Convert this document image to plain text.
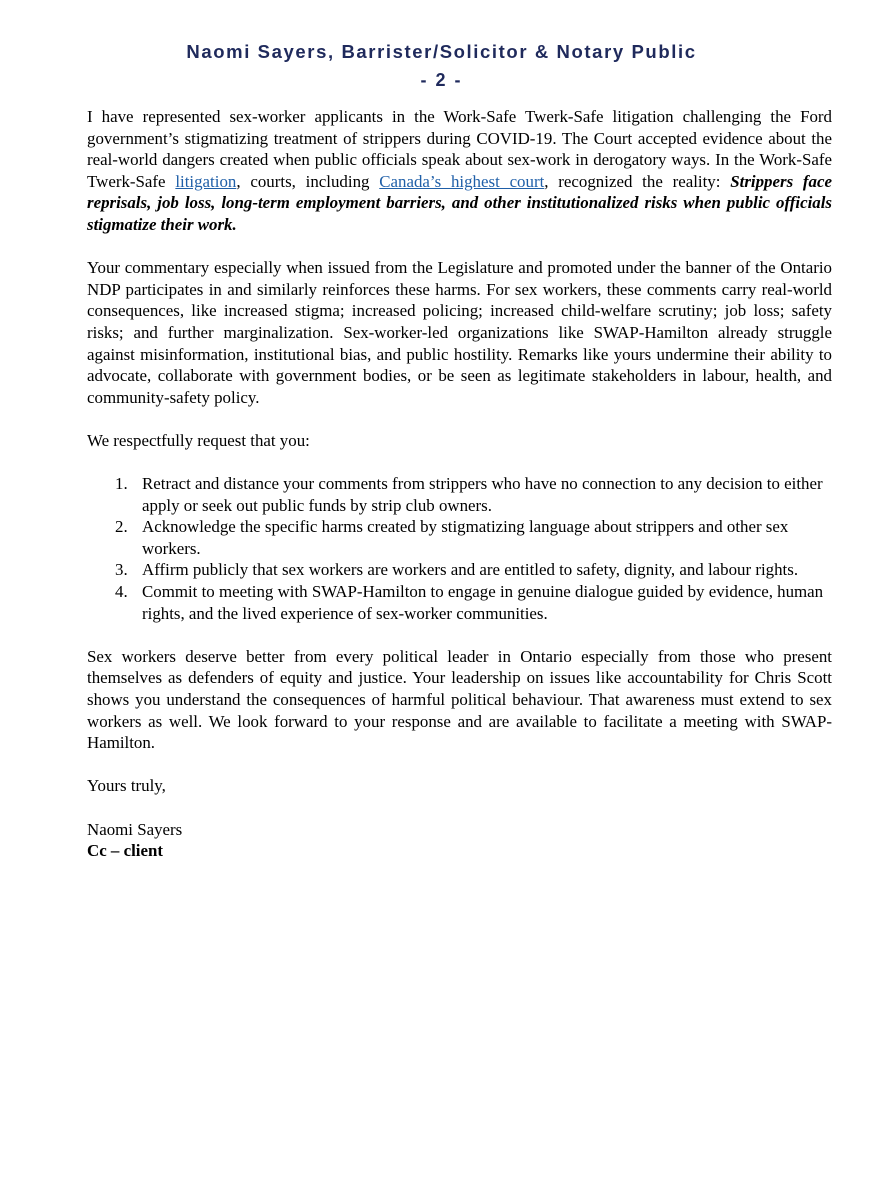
Naomi Sayers, Barrister/Solicitor & Notary Public
- 2 -

I have represented sex-worker applicants in the Work-Safe Twerk-Safe litigation challenging the Ford government’s stigmatizing treatment of strippers during COVID-19. The Court accepted evidence about the real-world dangers created when public officials speak about sex-work in derogatory ways. In the Work-Safe Twerk-Safe litigation, courts, including Canada’s highest court, recognized the reality: Strippers face reprisals, job loss, long-term employment barriers, and other institutionalized risks when public officials stigmatize their work.

Your commentary especially when issued from the Legislature and promoted under the banner of the Ontario NDP participates in and similarly reinforces these harms. For sex workers, these comments carry real-world consequences, like increased stigma; increased policing; increased child-welfare scrutiny; job loss; safety risks; and further marginalization. Sex-worker-led organizations like SWAP-Hamilton already struggle against misinformation, institutional bias, and public hostility. Remarks like yours undermine their ability to advocate, collaborate with government bodies, or be seen as legitimate stakeholders in labour, health, and community-safety policy.

We respectfully request that you:

1. Retract and distance your comments from strippers who have no connection to any decision to either apply or seek out public funds by strip club owners.
2. Acknowledge the specific harms created by stigmatizing language about strippers and other sex workers.
3. Affirm publicly that sex workers are workers and are entitled to safety, dignity, and labour rights.
4. Commit to meeting with SWAP-Hamilton to engage in genuine dialogue guided by evidence, human rights, and the lived experience of sex-worker communities.

Sex workers deserve better from every political leader in Ontario especially from those who present themselves as defenders of equity and justice. Your leadership on issues like accountability for Chris Scott shows you understand the consequences of harmful political behaviour. That awareness must extend to sex workers as well. We look forward to your response and are available to facilitate a meeting with SWAP-Hamilton.

Yours truly,

Naomi Sayers

Cc – client
